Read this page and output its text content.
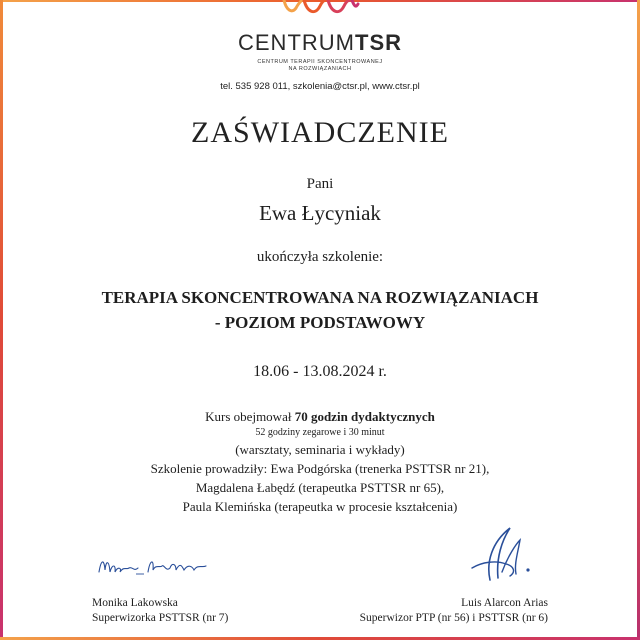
CENTRUMTSR
CENTRUM TERAPII SKONCENTROWANEJ
NA ROZWIĄZANIACH
tel. 535 928 011, szkolenia@ctsr.pl, www.ctsr.pl
ZAŚWIADCZENIE
Pani
Ewa Łycyniak
ukończyła szkolenie:
TERAPIA SKONCENTROWANA NA ROZWIĄZANIACH
- POZIOM PODSTAWOWY
18.06 - 13.08.2024 r.
Kurs obejmował 70 godzin dydaktycznych
52 godziny zegarowe i 30 minut
(warsztaty, seminaria i wykłady)
Szkolenie prowadziły: Ewa Podgórska (trenerka PSTTSR nr 21),
Magdalena Łabędź (terapeutka PSTTSR nr 65),
Paula Klemińska (terapeutka w procesie kształcenia)
Monika Lakowska
Superwizorka PSTTSR (nr 7)
Luis Alarcon Arias
Superwizor PTP (nr 56) i PSTTSR (nr 6)
